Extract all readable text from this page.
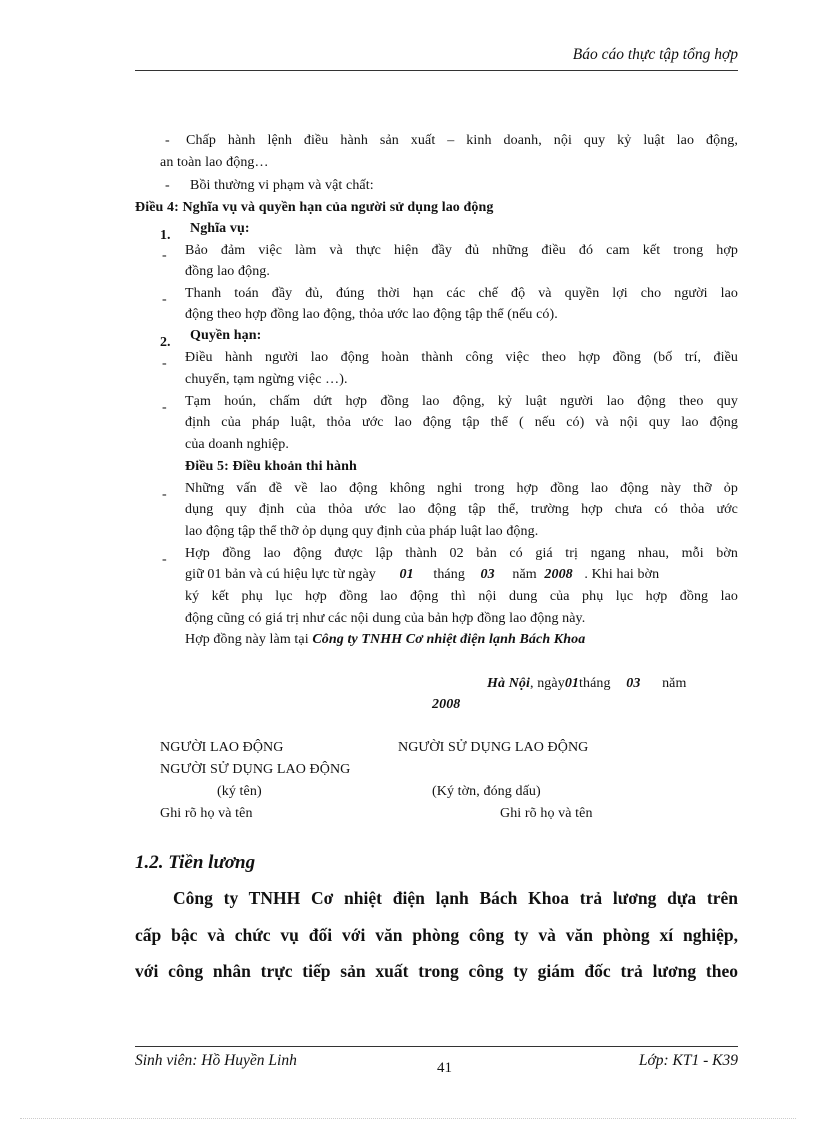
Báo cáo thực tập tổng hợp
- Chấp hành lệnh điều hành sản xuất – kinh doanh, nội quy kỷ luật lao động,
an toàn lao động…
- Bồi thường vi phạm và vật chất:
Điều 4: Nghĩa vụ và quyền hạn của người sử dụng lao động
1. Nghĩa vụ:
- Bảo đảm việc làm và thực hiện đầy đủ những điều đó cam kết trong hợp
đồng lao động.
- Thanh toán đầy đủ, đúng thời hạn các chế độ và quyền lợi cho người lao
động theo hợp đồng lao động, thỏa ước lao động tập thể (nếu có).
2. Quyền hạn:
- Điều hành người lao động hoàn thành công việc theo hợp đồng (bố trí, điều
chuyển, tạm ngừng việc …).
- Tạm hoún, chấm dứt hợp đồng lao động, kỷ luật người lao động theo quy
định của pháp luật, thỏa ước lao động tập thể ( nếu có) và nội quy lao động
của doanh nghiệp.
Điều 5: Điều khoản thi hành
- Những vấn đề về lao động không nghi trong hợp đồng lao động này thỡ ỏp
dụng quy định của thỏa ước lao động tập thể, trường hợp chưa có thỏa ước
lao động tập thể thỡ ỏp dụng quy định của pháp luật lao động.
- Hợp đồng lao động được lập thành 02 bản có giá trị ngang nhau, mỗi bờn
giữ 01 bản và cú hiệu lực từ ngày 01 tháng 03 năm 2008 . Khi hai bờn
ký kết phụ lục hợp đồng lao động thì nội dung của phụ lục hợp đồng lao
động cũng có giá trị như các nội dung của bản hợp đồng lao động này.
Hợp đồng này làm tại Công ty TNHH Cơ nhiệt điện lạnh Bách Khoa
Hà Nội, ngày01tháng 03 năm
2008
NGƯỜI LAO ĐỘNG	NGƯỜI SỬ DỤNG LAO ĐỘNG
NGƯỜI SỬ DỤNG LAO ĐỘNG
(ký tên)	(Ký tờn, đóng dấu)
Ghi rõ họ và tên	Ghi rõ họ và tên
1.2. Tiền lương
Công ty TNHH Cơ nhiệt điện lạnh Bách Khoa trả lương dựa trên
cấp bậc và chức vụ đối với văn phòng công ty và văn phòng xí nghiệp,
với công nhân trực tiếp sản xuất trong công ty giám đốc trả lương theo
Sinh viên: Hồ Huyền Linh	41	Lớp: KT1 - K39
